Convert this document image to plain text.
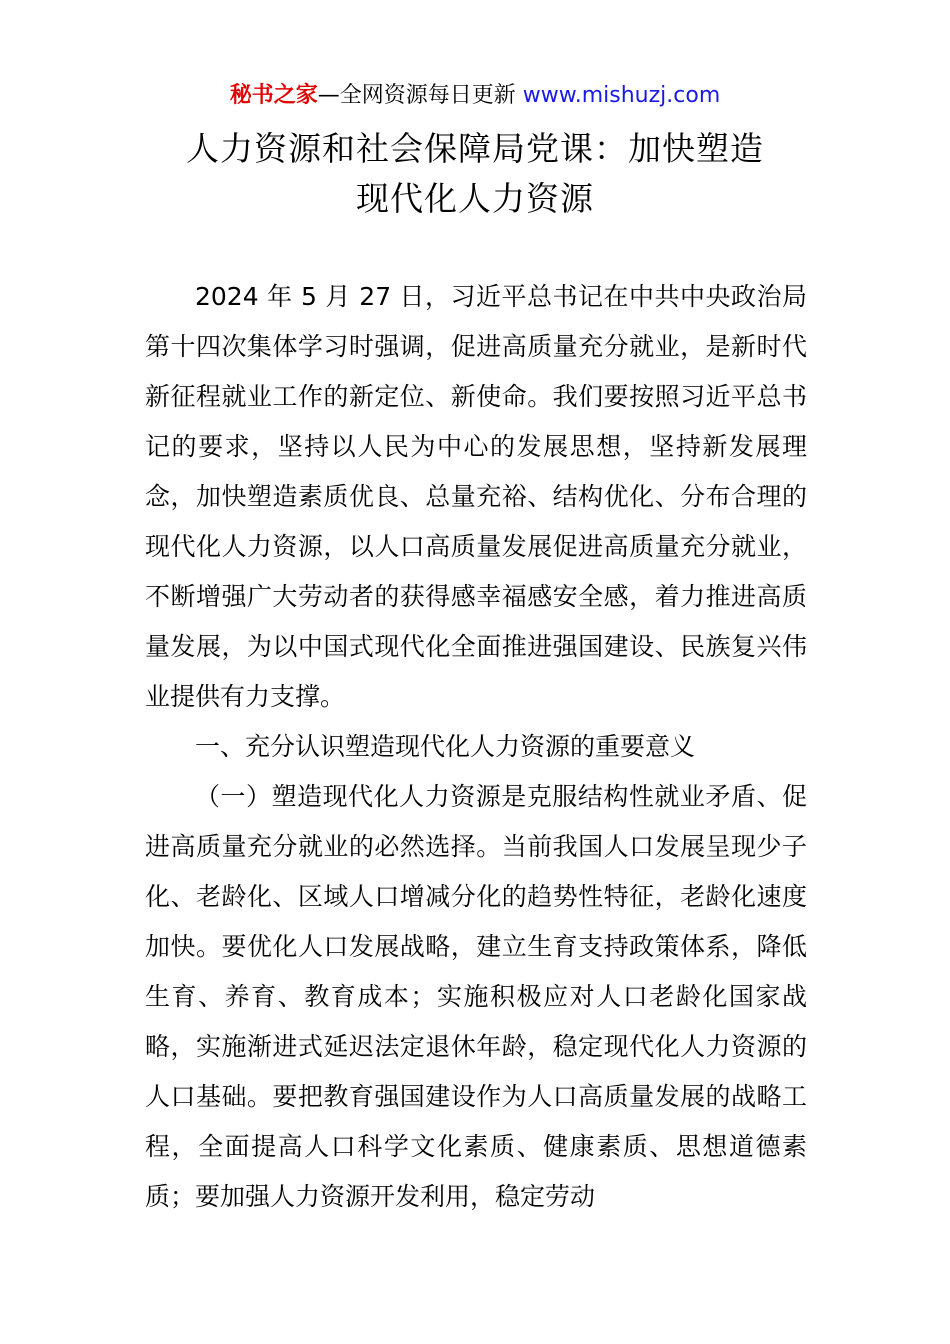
秘书之家—全网资源每日更新 www.mishuzj.com
人力资源和社会保障局党课：加快塑造
现代化人力资源

2024 年 5 月 27 日，习近平总书记在中共中央政治局第十四次集体学习时强调，促进高质量充分就业，是新时代新征程就业工作的新定位、新使命。我们要按照习近平总书记的要求，坚持以人民为中心的发展思想，坚持新发展理念，加快塑造素质优良、总量充裕、结构优化、分布合理的现代化人力资源，以人口高质量发展促进高质量充分就业，不断增强广大劳动者的获得感幸福感安全感，着力推进高质量发展，为以中国式现代化全面推进强国建设、民族复兴伟业提供有力支撑。

一、充分认识塑造现代化人力资源的重要意义

（一）塑造现代化人力资源是克服结构性就业矛盾、促进高质量充分就业的必然选择。当前我国人口发展呈现少子化、老龄化、区域人口增减分化的趋势性特征，老龄化速度加快。要优化人口发展战略，建立生育支持政策体系，降低生育、养育、教育成本；实施积极应对人口老龄化国家战略，实施渐进式延迟法定退休年龄，稳定现代化人力资源的人口基础。要把教育强国建设作为人口高质量发展的战略工程，全面提高人口科学文化素质、健康素质、思想道德素质；要加强人力资源开发利用，稳定劳动
